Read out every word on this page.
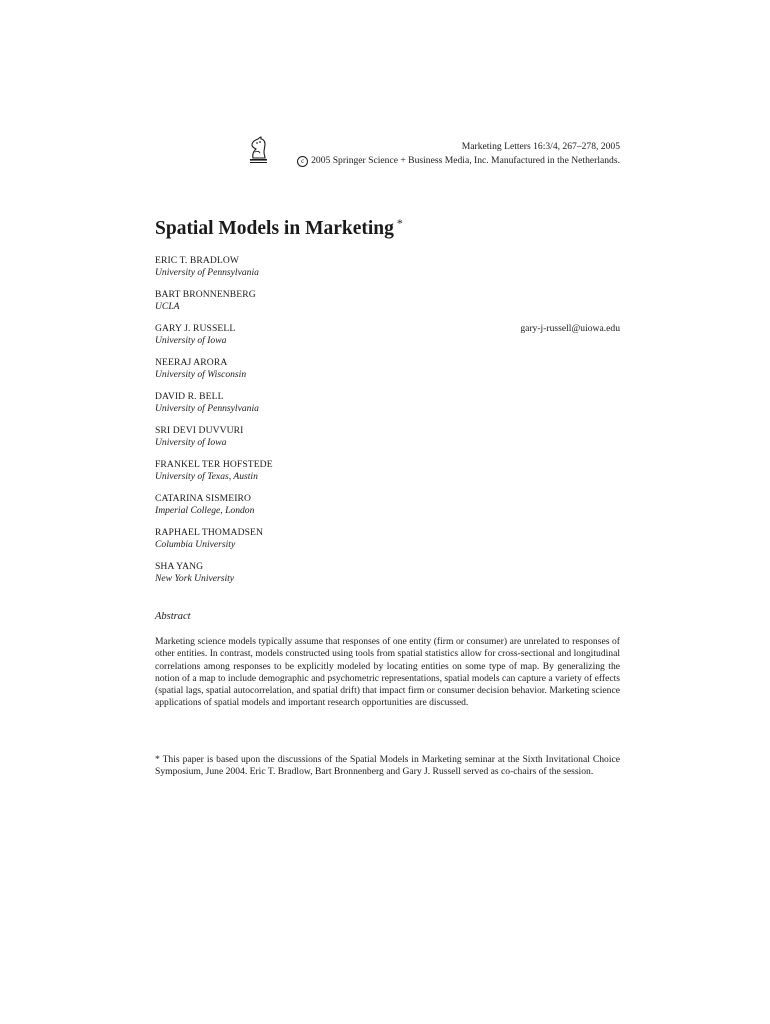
Marketing Letters 16:3/4, 267–278, 2005
c 2005 Springer Science + Business Media, Inc. Manufactured in the Netherlands.
Spatial Models in Marketing *
ERIC T. BRADLOW
University of Pennsylvania
BART BRONNENBERG
UCLA
GARY J. RUSSELL
University of Iowa
gary-j-russell@uiowa.edu
NEERAJ ARORA
University of Wisconsin
DAVID R. BELL
University of Pennsylvania
SRI DEVI DUVVURI
University of Iowa
FRANKEL TER HOFSTEDE
University of Texas, Austin
CATARINA SISMEIRO
Imperial College, London
RAPHAEL THOMADSEN
Columbia University
SHA YANG
New York University
Abstract

Marketing science models typically assume that responses of one entity (firm or consumer) are unrelated to responses of other entities. In contrast, models constructed using tools from spatial statistics allow for cross-sectional and longitudinal correlations among responses to be explicitly modeled by locating entities on some type of map. By generalizing the notion of a map to include demographic and psychometric representations, spatial models can capture a variety of effects (spatial lags, spatial autocorrelation, and spatial drift) that impact firm or consumer decision behavior. Marketing science applications of spatial models and important research opportunities are discussed.

* This paper is based upon the discussions of the Spatial Models in Marketing seminar at the Sixth Invitational Choice Symposium, June 2004. Eric T. Bradlow, Bart Bronnenberg and Gary J. Russell served as co-chairs of the session.
